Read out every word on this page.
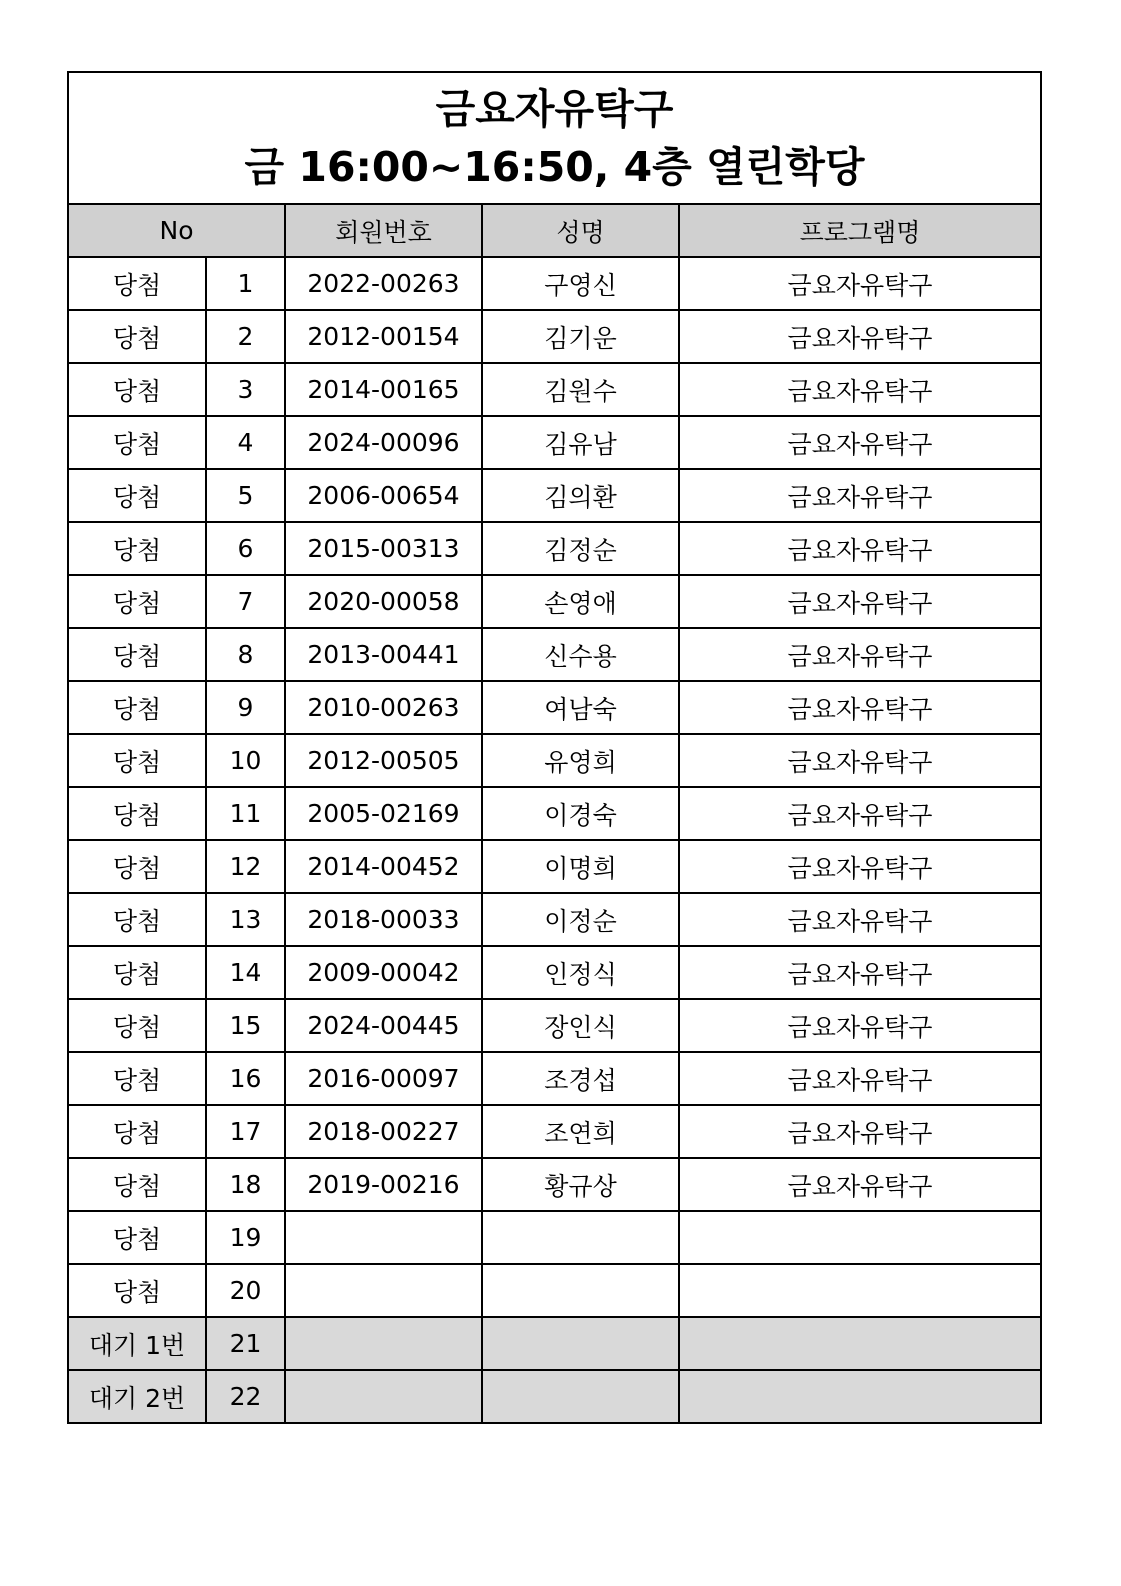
금요자유탁구
금 16:00~16:50, 4층 열린학당				

No		회원번호	성명	프로그램명
당첨	1	2022-00263	구영신	금요자유탁구
당첨	2	2012-00154	김기운	금요자유탁구
당첨	3	2014-00165	김원수	금요자유탁구
당첨	4	2024-00096	김유남	금요자유탁구
당첨	5	2006-00654	김의환	금요자유탁구
당첨	6	2015-00313	김정순	금요자유탁구
당첨	7	2020-00058	손영애	금요자유탁구
당첨	8	2013-00441	신수용	금요자유탁구
당첨	9	2010-00263	여남숙	금요자유탁구
당첨	10	2012-00505	유영희	금요자유탁구
당첨	11	2005-02169	이경숙	금요자유탁구
당첨	12	2014-00452	이명희	금요자유탁구
당첨	13	2018-00033	이정순	금요자유탁구
당첨	14	2009-00042	인정식	금요자유탁구
당첨	15	2024-00445	장인식	금요자유탁구
당첨	16	2016-00097	조경섭	금요자유탁구
당첨	17	2018-00227	조연희	금요자유탁구
당첨	18	2019-00216	황규상	금요자유탁구
당첨	19			
당첨	20			
대기 1번	21			
대기 2번	22			
